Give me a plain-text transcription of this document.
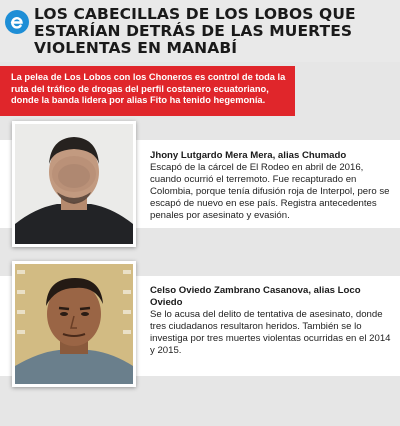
LOS CABECILLAS DE LOS LOBOS QUE ESTARÍAN DETRÁS DE LAS MUERTES VIOLENTAS EN MANABÍ
La pelea de Los Lobos con los Choneros es control de toda la ruta del tráfico de drogas del perfil costanero ecuatoriano, donde la banda lidera por alias Fito ha tenido hegemonía.
Jhony Lutgardo Mera Mera, alias Chumado
Escapó de la cárcel de El Rodeo en abril de 2016, cuando ocurrió el terremoto. Fue recapturado en Colombia, porque tenía difusión roja de Interpol, pero se escapó de nuevo en ese país. Registra antecedentes penales por asesinato y evasión.
Celso Oviedo Zambrano Casanova, alias Loco Oviedo
Se lo acusa del delito de tentativa de asesinato, donde tres ciudadanos resultaron heridos. También se lo investiga por tres muertes violentas ocurridas en el 2014 y 2015.
